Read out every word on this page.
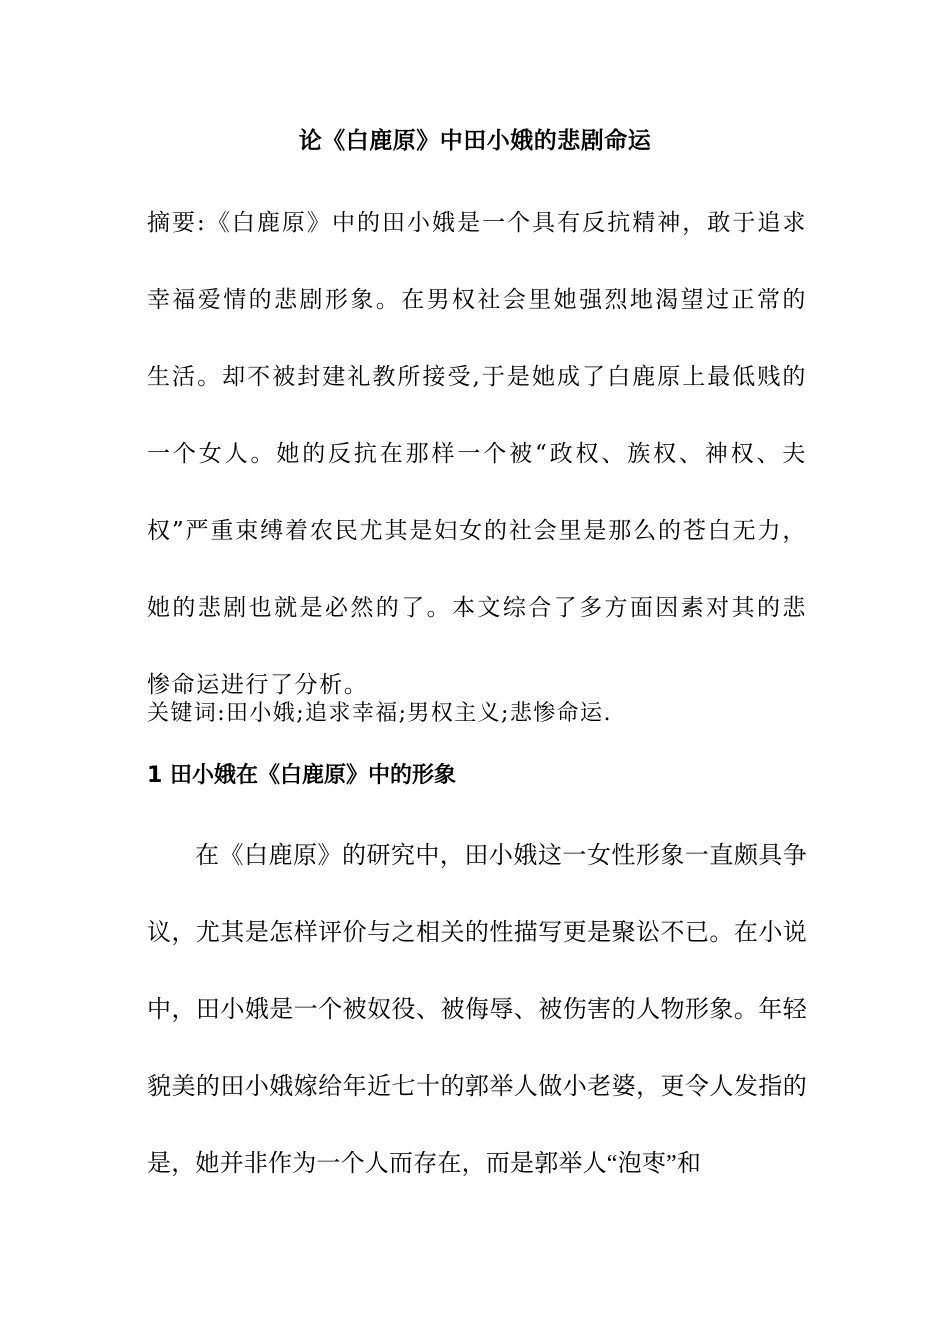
论《白鹿原》中田小娥的悲剧命运

摘要:《白鹿原》中的田小娥是一个具有反抗精神，敢于追求幸福爱情的悲剧形象。在男权社会里她强烈地渴望过正常的生活。却不被封建礼教所接受,于是她成了白鹿原上最低贱的一个女人。她的反抗在那样一个被“政权、族权、神权、夫权”严重束缚着农民尤其是妇女的社会里是那么的苍白无力，她的悲剧也就是必然的了。本文综合了多方面因素对其的悲惨命运进行了分析。

关键词:田小娥;追求幸福;男权主义;悲惨命运.

1 田小娥在《白鹿原》中的形象

在《白鹿原》的研究中，田小娥这一女性形象一直颇具争议，尤其是怎样评价与之相关的性描写更是聚讼不已。在小说中，田小娥是一个被奴役、被侮辱、被伤害的人物形象。年轻貌美的田小娥嫁给年近七十的郭举人做小老婆，更令人发指的是，她并非作为一个人而存在，而是郭举人“泡枣”和
